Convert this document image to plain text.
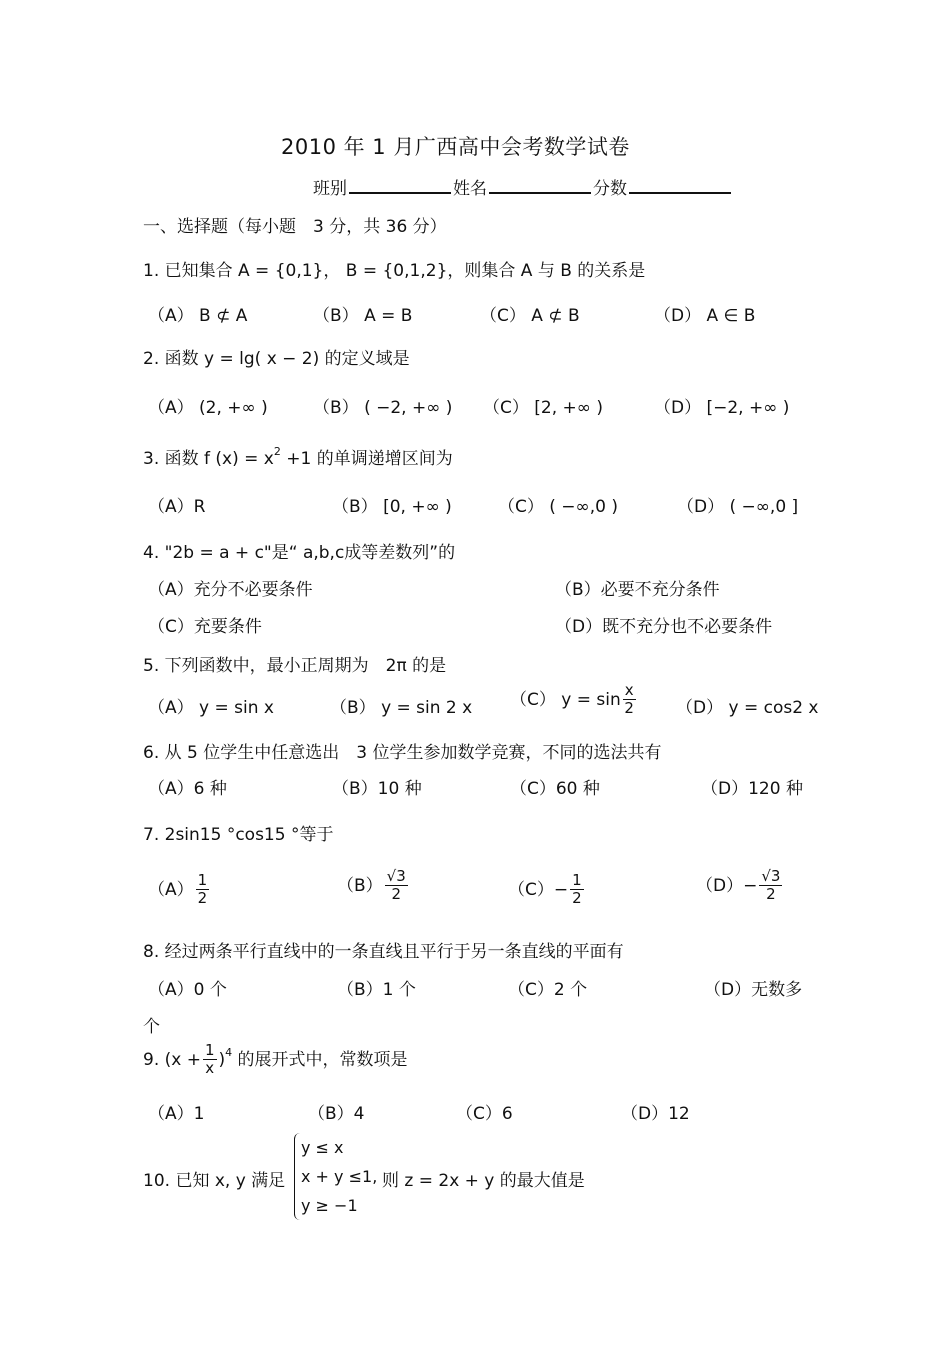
2010 年 1 月广西高中会考数学试卷
班别	姓名	分数
一、选择题（每小题　3 分，共 36 分）
1. 已知集合 A = {0,1}， B = {0,1,2}，则集合 A 与 B 的关系是
（A） B ⊄ A	（B） A = B	（C） A ⊄ B	（D） A ∈ B
2. 函数 y = lg( x − 2) 的定义域是
（A） (2, +∞ )	（B） ( −2, +∞ ) （C） [2, +∞ )	（D） [−2, +∞ )
3. 函数 f $(x) = x^2 +1$ 的单调递增区间为
（A）R	（B） [0, +∞ )	（C） ( −∞,0 )	（D） ( −∞,0 ]
4. "2b = a + c"是“ a,b,c成等差数列”的
（A）充分不必要条件	（B）必要不充分条件
（C）充要条件	（D）既不充分也不必要条件
5. 下列函数中，最小正周期为　2π 的是
（A） y = sin x	（B） y = sin 2 x （C） $y = \sin \frac{x}{2} (D) y = \cos 2$ x
6. 从 5 位学生中任意选出　3 位学生参加数学竞赛，不同的选法共有
（A）6 种	（B）10 种	（C）60 种	（D）120 种
7. 2sin15 °cos15 °等于
$(A) \frac{1}{2}$	$(B) \frac{√3}{2}$	$(C)- \frac{1}{2}$	$(D)- \frac{√3}{2}$
8. 经过两条平行直线中的一条直线且平行于另一条直线的平面有
（A）0 个	（B）1 个	（C）2 个	（D）无数多
个
9. $(x + \frac{1}{x} )^4$ 的展开式中，常数项是
（A）1	（B）4	（C）6	（D）12
10. 已知 x, y 满足
y ≤ x
x + y ≤1,
y ≥ −1
则 z = 2x + y 的最大值是
